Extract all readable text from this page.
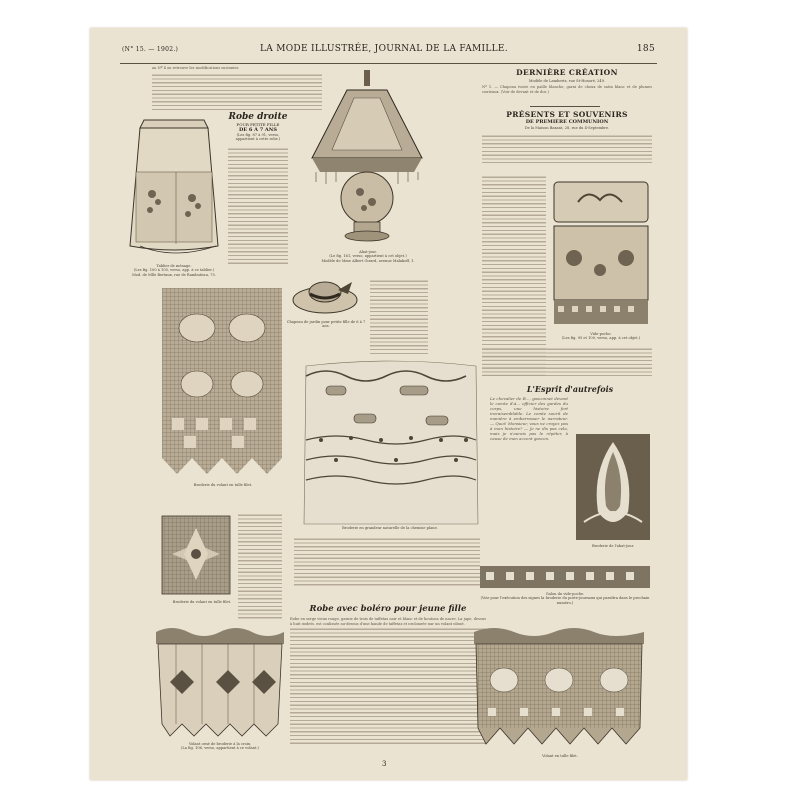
(N° 15. — 1902.)	LA MODE ILLUSTRÉE, JOURNAL DE LA FAMILLE.	185
au Nº 4 on retrouve les modifications suivantes
Tablier de ménage.
(Les fig. 100 à 105, verso, app. à ce tablier.)
Mod. de Mlle Bertaux, rue de Rambuteau, 75.
Robe droite
POUR PETITE FILLE
DE 6 À 7 ANS
(Les fig. 87 à 91, verso, appartient à cette robe.)
Abat-jour.
(Le fig. 161, verso, appartient à cet objet.)
Modèle de Mme Albert Girard, avenue Malakoff, 1.
Chapeau de jardin pour petite fille de 6 à 7 ans.
Broderie du volant en tulle filet.
Broderie en grandeur naturelle de la chemise plane.
Broderie du volant en tulle filet.
Robe avec boléro pour jeune fille
Robe en serge vieux rouge, garnie de trois de taffetas noir et blanc et de boutons de nacre. La jupe, dessus à huit godets, est coulissée au-dessus d'une bande de taffetas et prolongée par un volant plissé.
Volant orné de broderie à la croix.
(La fig. 106, verso, appartient à ce volant.)
DERNIÈRE CRÉATION
Modèle de Lambertz, rue St-Honoré, 249.
Nº 1. — Chapeau ivoire en paille blanche, garni de choux de satin blanc et de plumes couteaux. (Voir de devant et de dos.)
PRÉSENTS ET SOUVENIRS
DE PREMIÈRE COMMUNION
De la Maison Baxant, 28, rue du 4-Septembre.
Vide-poche.
(Les fig. 95 et 100, verso, app. à cet objet.)
L'Esprit d'autrefois
Le chevalier de B..., gasconnet devant le comte d'A... officier des gardes du corps, une histoire fort invraisemblable. Le comte sourit de manière à embarrasser le narrateur. — Quoi! Monsieur, vous ne croyez pas à mon histoire? — Je ne dis pas cela, mais je n'aurais pas le répéter, à cause de mon accent gascon.
Broderie de l'abat-jour.
Galon du vide-poche.
(Voir pour l'exécution des signes la broderie du porte-journaux qui paraîtra dans le prochain numéro.)
Volant en tulle filet.
3
